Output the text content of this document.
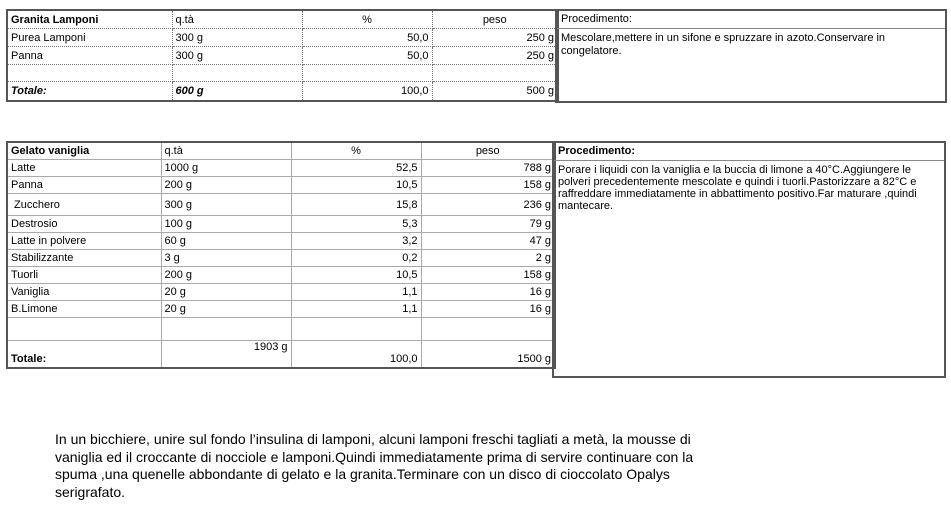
Granita Lamponi	q.tà	%	peso
Purea Lamponi	300 g	50,0	250 g
Panna	300 g	50,0	250 g

Totale:	600 g	100,0	500 g
Procedimento:
Mescolare,mettere in un sifone e spruzzare in azoto.Conservare in congelatore.
Gelato vaniglia	q.tà	%	peso
Latte	1000 g	52,5	788 g
Panna	200 g	10,5	158 g
Zucchero	300 g	15,8	236 g
Destrosio	100 g	5,3	79 g
Latte in polvere	60 g	3,2	47 g
Stabilizzante	3 g	0,2	2 g
Tuorli	200 g	10,5	158 g
Vaniglia	20 g	1,1	16 g
B.Limone	20 g	1,1	16 g

Totale:	1903 g	100,0	1500 g
Procedimento:
Porare i liquidi con la vaniglia e la buccia di limone a 40°C.Aggiungere le polveri precedentemente mescolate e quindi i tuorli.Pastorizzare a 82°C e raffreddare immediatamente in abbattimento positivo.Far maturare ,quindi mantecare.
In un bicchiere, unire sul fondo l’insulina di lamponi, alcuni lamponi freschi tagliati a metà, la mousse di vaniglia ed il croccante di nocciole e lamponi.Quindi immediatamente prima di servire continuare con la spuma ,una quenelle abbondante di gelato e la granita.Terminare con un disco di cioccolato Opalys serigrafato.
